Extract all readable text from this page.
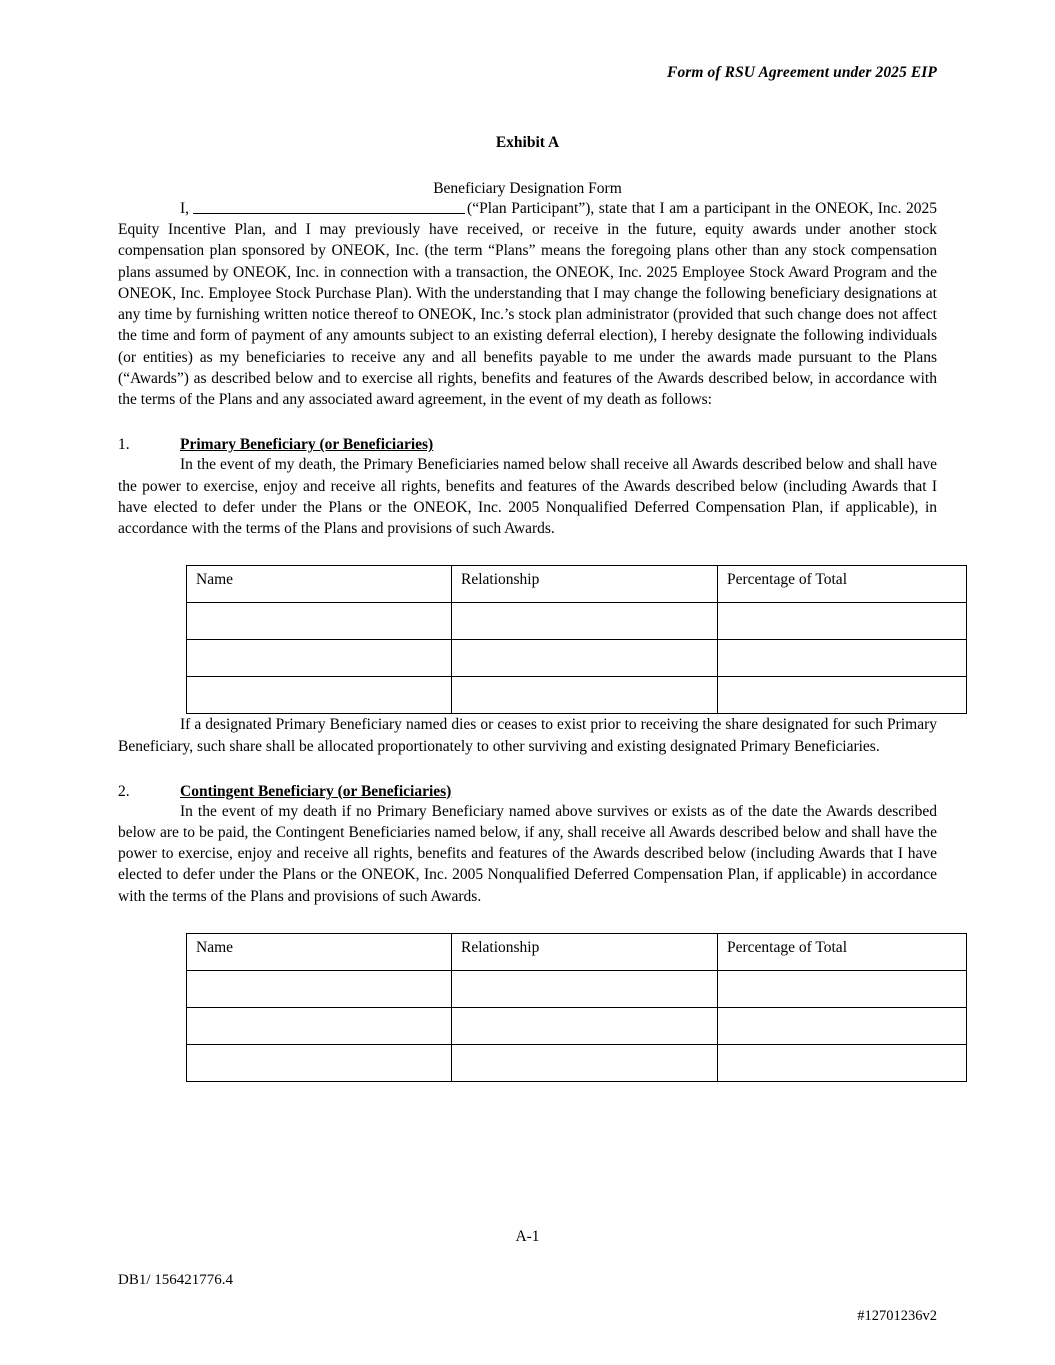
Form of RSU Agreement under 2025 EIP
Exhibit A
Beneficiary Designation Form

I,	(“Plan Participant”), state that I am a participant in the ONEOK, Inc. 2025 Equity Incentive Plan, and I may previously have received, or receive in the future, equity awards under another stock compensation plan sponsored by ONEOK, Inc. (the term “Plans” means the foregoing plans other than any stock compensation plans assumed by ONEOK, Inc. in connection with a transaction, the ONEOK, Inc. 2025 Employee Stock Award Program and the ONEOK, Inc. Employee Stock Purchase Plan). With the understanding that I may change the following beneficiary designations at any time by furnishing written notice thereof to ONEOK, Inc.’s stock plan administrator (provided that such change does not affect the time and form of payment of any amounts subject to an existing deferral election), I hereby designate the following individuals (or entities) as my beneficiaries to receive any and all benefits payable to me under the awards made pursuant to the Plans (“Awards”) as described below and to exercise all rights, benefits and features of the Awards described below, in accordance with the terms of the Plans and any associated award agreement, in the event of my death as follows:

1.	Primary Beneficiary (or Beneficiaries)

In the event of my death, the Primary Beneficiaries named below shall receive all Awards described below and shall have the power to exercise, enjoy and receive all rights, benefits and features of the Awards described below (including Awards that I have elected to defer under the Plans or the ONEOK, Inc. 2005 Nonqualified Deferred Compensation Plan, if applicable), in accordance with the terms of the Plans and provisions of such Awards.

Name	Relationship	Percentage of Total

If a designated Primary Beneficiary named dies or ceases to exist prior to receiving the share designated for such Primary Beneficiary, such share shall be allocated proportionately to other surviving and existing designated Primary Beneficiaries.

2.	Contingent Beneficiary (or Beneficiaries)

In the event of my death if no Primary Beneficiary named above survives or exists as of the date the Awards described below are to be paid, the Contingent Beneficiaries named below, if any, shall receive all Awards described below and shall have the power to exercise, enjoy and receive all rights, benefits and features of the Awards described below (including Awards that I have elected to defer under the Plans or the ONEOK, Inc. 2005 Nonqualified Deferred Compensation Plan, if applicable) in accordance with the terms of the Plans and provisions of such Awards.

Name	Relationship	Percentage of Total

A-1
DB1/ 156421776.4
#12701236v2
